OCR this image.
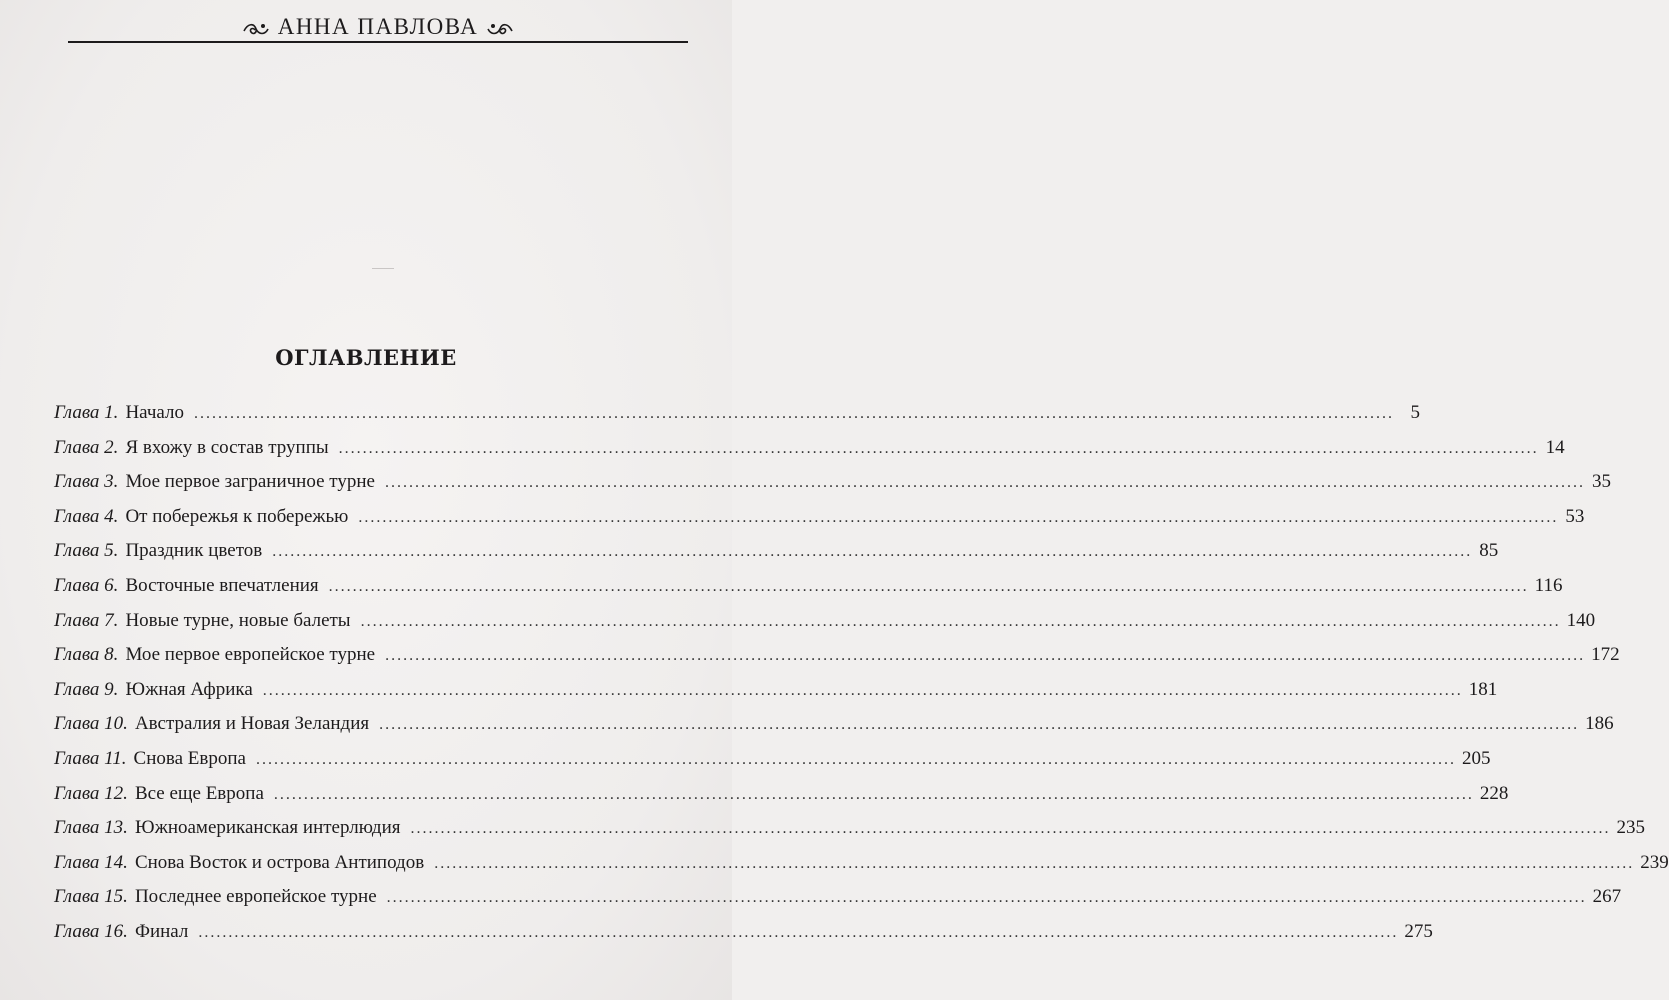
АННА ПАВЛОВА
ОГЛАВЛЕНИЕ
Глава 1. Начало ........................................................................................................................................................................................................ 5
Глава 2. Я вхожу в состав труппы ........................................................................................................................................................................................................ 14
Глава 3. Мое первое заграничное турне ........................................................................................................................................................................................................ 35
Глава 4. От побережья к побережью ........................................................................................................................................................................................................ 53
Глава 5. Праздник цветов ........................................................................................................................................................................................................ 85
Глава 6. Восточные впечатления ........................................................................................................................................................................................................ 116
Глава 7. Новые турне, новые балеты ........................................................................................................................................................................................................ 140
Глава 8. Мое первое европейское турне ........................................................................................................................................................................................................ 172
Глава 9. Южная Африка ........................................................................................................................................................................................................ 181
Глава 10. Австралия и Новая Зеландия ........................................................................................................................................................................................................ 186
Глава 11. Снова Европа ........................................................................................................................................................................................................ 205
Глава 12. Все еще Европа ........................................................................................................................................................................................................ 228
Глава 13. Южноамериканская интерлюдия ........................................................................................................................................................................................................ 235
Глава 14. Снова Восток и острова Антиподов ........................................................................................................................................................................................................ 239
Глава 15. Последнее европейское турне ........................................................................................................................................................................................................ 267
Глава 16. Финал ........................................................................................................................................................................................................ 275
